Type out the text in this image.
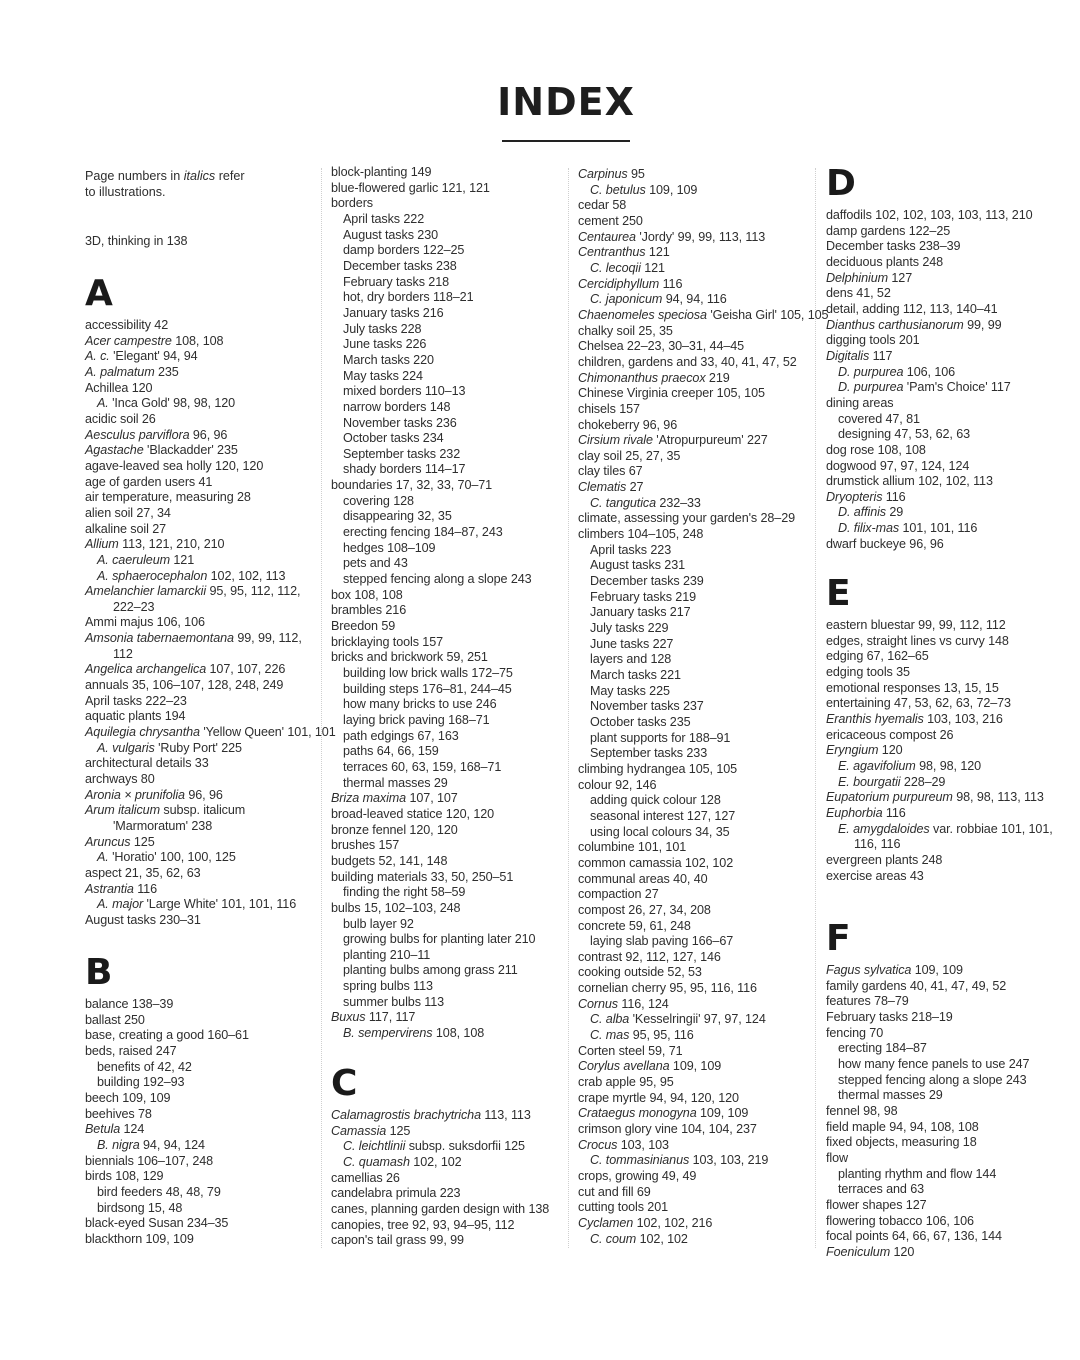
INDEX
Page numbers in italics refer
to illustrations.
3D, thinking in 138
A
accessibility 42
Acer campestre 108, 108
A. c. 'Elegant' 94, 94
A. palmatum 235
Achillea 120
A. 'Inca Gold' 98, 98, 120
acidic soil 26
Aesculus parviflora 96, 96
Agastache 'Blackadder' 235
agave-leaved sea holly 120, 120
age of garden users 41
air temperature, measuring 28
alien soil 27, 34
alkaline soil 27
Allium 113, 121, 210, 210
A. caeruleum 121
A. sphaerocephalon 102, 102, 113
Amelanchier lamarckii 95, 95, 112, 112,
222–23
Ammi majus 106, 106
Amsonia tabernaemontana 99, 99, 112,
112
Angelica archangelica 107, 107, 226
annuals 35, 106–107, 128, 248, 249
April tasks 222–23
aquatic plants 194
Aquilegia chrysantha 'Yellow Queen' 101, 101
A. vulgaris 'Ruby Port' 225
architectural details 33
archways 80
Aronia × prunifolia 96, 96
Arum italicum subsp. italicum
'Marmoratum' 238
Aruncus 125
A. 'Horatio' 100, 100, 125
aspect 21, 35, 62, 63
Astrantia 116
A. major 'Large White' 101, 101, 116
August tasks 230–31
B
balance 138–39
ballast 250
base, creating a good 160–61
beds, raised 247
benefits of 42, 42
building 192–93
beech 109, 109
beehives 78
Betula 124
B. nigra 94, 94, 124
biennials 106–107, 248
birds 108, 129
bird feeders 48, 48, 79
birdsong 15, 48
black-eyed Susan 234–35
blackthorn 109, 109
block-planting 149
blue-flowered garlic 121, 121
borders
April tasks 222
August tasks 230
damp borders 122–25
December tasks 238
February tasks 218
hot, dry borders 118–21
January tasks 216
July tasks 228
June tasks 226
March tasks 220
May tasks 224
mixed borders 110–13
narrow borders 148
November tasks 236
October tasks 234
September tasks 232
shady borders 114–17
boundaries 17, 32, 33, 70–71
covering 128
disappearing 32, 35
erecting fencing 184–87, 243
hedges 108–109
pets and 43
stepped fencing along a slope 243
box 108, 108
brambles 216
Breedon 59
bricklaying tools 157
bricks and brickwork 59, 251
building low brick walls 172–75
building steps 176–81, 244–45
how many bricks to use 246
laying brick paving 168–71
path edgings 67, 163
paths 64, 66, 159
terraces 60, 63, 159, 168–71
thermal masses 29
Briza maxima 107, 107
broad-leaved statice 120, 120
bronze fennel 120, 120
brushes 157
budgets 52, 141, 148
building materials 33, 50, 250–51
finding the right 58–59
bulbs 15, 102–103, 248
bulb layer 92
growing bulbs for planting later 210
planting 210–11
planting bulbs among grass 211
spring bulbs 113
summer bulbs 113
Buxus 117, 117
B. sempervirens 108, 108
C
Calamagrostis brachytricha 113, 113
Camassia 125
C. leichtlinii subsp. suksdorfii 125
C. quamash 102, 102
camellias 26
candelabra primula 223
canes, planning garden design with 138
canopies, tree 92, 93, 94–95, 112
capon's tail grass 99, 99
Carpinus 95
C. betulus 109, 109
cedar 58
cement 250
Centaurea 'Jordy' 99, 99, 113, 113
Centranthus 121
C. lecoqii 121
Cercidiphyllum 116
C. japonicum 94, 94, 116
Chaenomeles speciosa 'Geisha Girl' 105, 105
chalky soil 25, 35
Chelsea 22–23, 30–31, 44–45
children, gardens and 33, 40, 41, 47, 52
Chimonanthus praecox 219
Chinese Virginia creeper 105, 105
chisels 157
chokeberry 96, 96
Cirsium rivale 'Atropurpureum' 227
clay soil 25, 27, 35
clay tiles 67
Clematis 27
C. tangutica 232–33
climate, assessing your garden's 28–29
climbers 104–105, 248
April tasks 223
August tasks 231
December tasks 239
February tasks 219
January tasks 217
July tasks 229
June tasks 227
layers and 128
March tasks 221
May tasks 225
November tasks 237
October tasks 235
plant supports for 188–91
September tasks 233
climbing hydrangea 105, 105
colour 92, 146
adding quick colour 128
seasonal interest 127, 127
using local colours 34, 35
columbine 101, 101
common camassia 102, 102
communal areas 40, 40
compaction 27
compost 26, 27, 34, 208
concrete 59, 61, 248
laying slab paving 166–67
contrast 92, 112, 127, 146
cooking outside 52, 53
cornelian cherry 95, 95, 116, 116
Cornus 116, 124
C. alba 'Kesselringii' 97, 97, 124
C. mas 95, 95, 116
Corten steel 59, 71
Corylus avellana 109, 109
crab apple 95, 95
crape myrtle 94, 94, 120, 120
Crataegus monogyna 109, 109
crimson glory vine 104, 104, 237
Crocus 103, 103
C. tommasinianus 103, 103, 219
crops, growing 49, 49
cut and fill 69
cutting tools 201
Cyclamen 102, 102, 216
C. coum 102, 102
D
daffodils 102, 102, 103, 103, 113, 210
damp gardens 122–25
December tasks 238–39
deciduous plants 248
Delphinium 127
dens 41, 52
detail, adding 112, 113, 140–41
Dianthus carthusianorum 99, 99
digging tools 201
Digitalis 117
D. purpurea 106, 106
D. purpurea 'Pam's Choice' 117
dining areas
covered 47, 81
designing 47, 53, 62, 63
dog rose 108, 108
dogwood 97, 97, 124, 124
drumstick allium 102, 102, 113
Dryopteris 116
D. affinis 29
D. filix-mas 101, 101, 116
dwarf buckeye 96, 96
E
eastern bluestar 99, 99, 112, 112
edges, straight lines vs curvy 148
edging 67, 162–65
edging tools 35
emotional responses 13, 15, 15
entertaining 47, 53, 62, 63, 72–73
Eranthis hyemalis 103, 103, 216
ericaceous compost 26
Eryngium 120
E. agavifolium 98, 98, 120
E. bourgatii 228–29
Eupatorium purpureum 98, 98, 113, 113
Euphorbia 116
E. amygdaloides var. robbiae 101, 101,
116, 116
evergreen plants 248
exercise areas 43
F
Fagus sylvatica 109, 109
family gardens 40, 41, 47, 49, 52
features 78–79
February tasks 218–19
fencing 70
erecting 184–87
how many fence panels to use 247
stepped fencing along a slope 243
thermal masses 29
fennel 98, 98
field maple 94, 94, 108, 108
fixed objects, measuring 18
flow
planting rhythm and flow 144
terraces and 63
flower shapes 127
flowering tobacco 106, 106
focal points 64, 66, 67, 136, 144
Foeniculum 120
